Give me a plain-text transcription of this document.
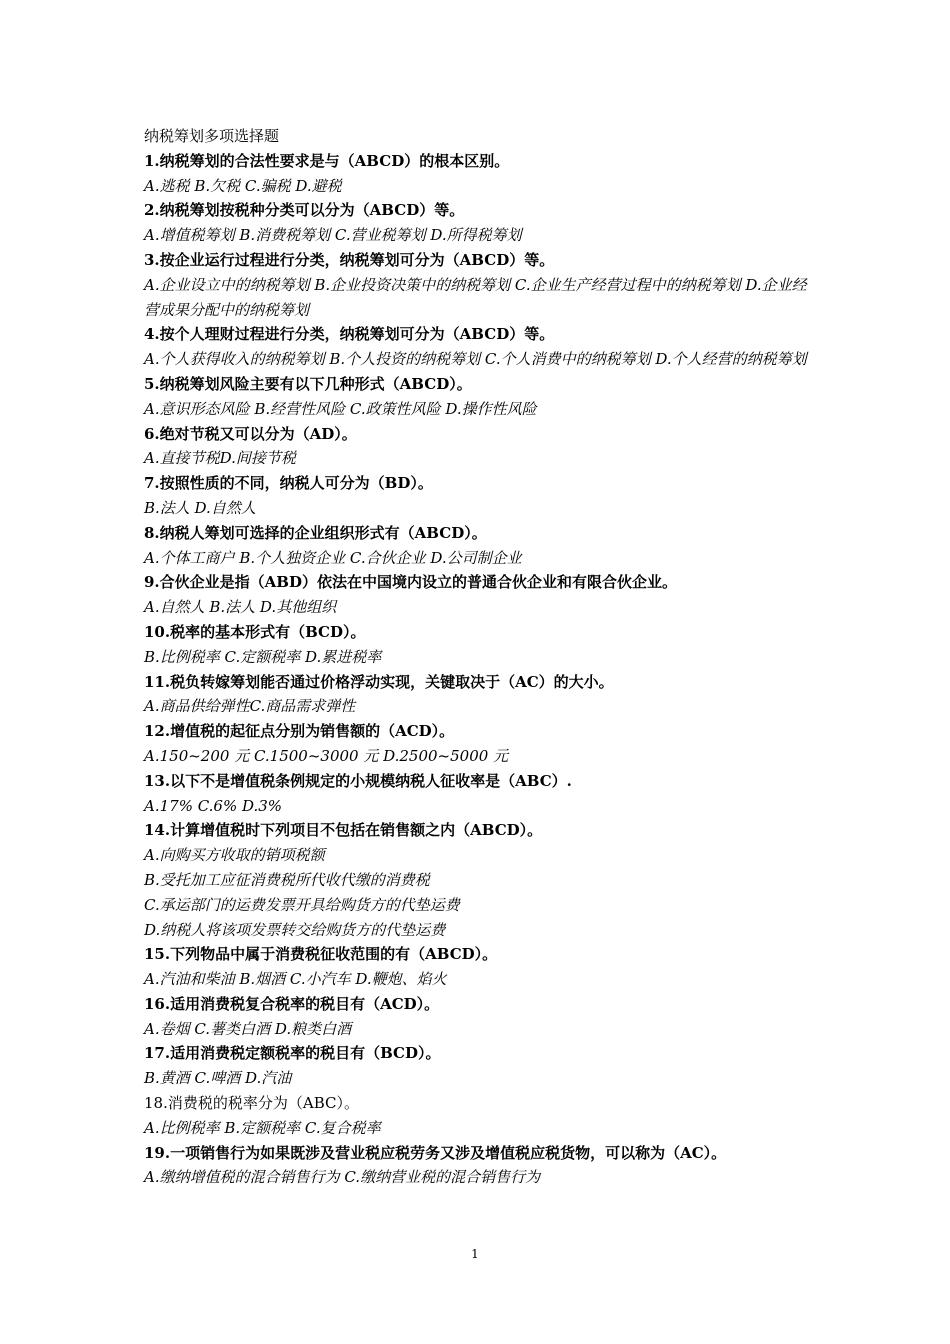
纳税筹划多项选择题

1.纳税筹划的合法性要求是与（ABCD）的根本区别。

A.逃税 B.欠税 C.骗税 D.避税

2.纳税筹划按税种分类可以分为（ABCD）等。

A.增值税筹划 B.消费税筹划 C.营业税筹划 D.所得税筹划

3.按企业运行过程进行分类，纳税筹划可分为（ABCD）等。

A.企业设立中的纳税筹划 B.企业投资决策中的纳税筹划 C.企业生产经营过程中的纳税筹划 D.企业经营成果分配中的纳税筹划

4.按个人理财过程进行分类，纳税筹划可分为（ABCD）等。

A.个人获得收入的纳税筹划 B.个人投资的纳税筹划 C.个人消费中的纳税筹划 D.个人经营的纳税筹划

5.纳税筹划风险主要有以下几种形式（ABCD）。

A.意识形态风险 B.经营性风险 C.政策性风险 D.操作性风险

6.绝对节税又可以分为（AD）。

A.直接节税D.间接节税

7.按照性质的不同，纳税人可分为（BD）。

B.法人 D.自然人

8.纳税人筹划可选择的企业组织形式有（ABCD）。

A.个体工商户 B.个人独资企业 C.合伙企业 D.公司制企业

9.合伙企业是指（ABD）依法在中国境内设立的普通合伙企业和有限合伙企业。

A.自然人 B.法人 D.其他组织

10.税率的基本形式有（BCD）。

B.比例税率 C.定额税率 D.累进税率

11.税负转嫁筹划能否通过价格浮动实现，关键取决于（AC）的大小。

A.商品供给弹性C.商品需求弹性

12.增值税的起征点分别为销售额的（ACD）。

A.150~200 元 C.1500~3000 元 D.2500~5000 元

13.以下不是增值税条例规定的小规模纳税人征收率是（ABC）.

A.17% C.6% D.3%

14.计算增值税时下列项目不包括在销售额之内（ABCD）。

A.向购买方收取的销项税额

B.受托加工应征消费税所代收代缴的消费税

C.承运部门的运费发票开具给购货方的代垫运费

D.纳税人将该项发票转交给购货方的代垫运费

15.下列物品中属于消费税征收范围的有（ABCD）。

A.汽油和柴油 B.烟酒 C.小汽车 D.鞭炮、焰火

16.适用消费税复合税率的税目有（ACD）。

A.卷烟 C.薯类白酒 D.粮类白酒

17.适用消费税定额税率的税目有（BCD）。

B.黄酒 C.啤酒 D.汽油

18.消费税的税率分为（ABC）。

A.比例税率 B.定额税率 C.复合税率

19.一项销售行为如果既涉及营业税应税劳务又涉及增值税应税货物，可以称为（AC）。

A.缴纳增值税的混合销售行为 C.缴纳营业税的混合销售行为

1
